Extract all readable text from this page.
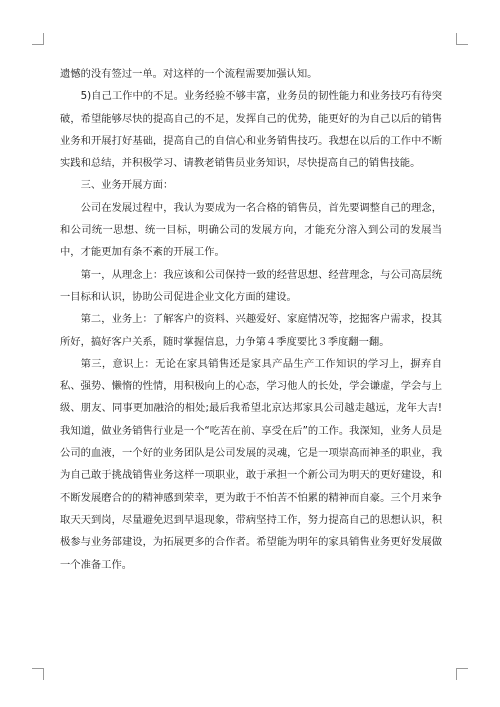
遗憾的没有签过一单。对这样的一个流程需要加强认知。

5)自己工作中的不足。业务经验不够丰富，业务员的韧性能力和业务技巧有待突破，希望能够尽快的提高自己的不足，发挥自己的优势，能更好的为自己以后的销售业务和开展打好基础，提高自己的自信心和业务销售技巧。我想在以后的工作中不断实践和总结，并积极学习、请教老销售员业务知识，尽快提高自己的销售技能。

三、业务开展方面：

公司在发展过程中，我认为要成为一名合格的销售员，首先要调整自己的理念，和公司统一思想、统一目标，明确公司的发展方向，才能充分溶入到公司的发展当中，才能更加有条不紊的开展工作。

第一，从理念上：我应该和公司保持一致的经营思想、经营理念，与公司高层统一目标和认识，协助公司促进企业文化方面的建设。

第二，业务上：了解客户的资料、兴趣爱好、家庭情况等，挖掘客户需求，投其所好，搞好客户关系，随时掌握信息，力争第４季度要比３季度翻一翻。

第三，意识上：无论在家具销售还是家具产品生产工作知识的学习上，摒弃自私、强势、懒惰的性情，用积极向上的心态，学习他人的长处，学会谦虚，学会与上级、朋友、同事更加融洽的相处;最后我希望北京达邦家具公司越走越远，龙年大吉!我知道，做业务销售行业是一个“吃苦在前、享受在后”的工作。我深知，业务人员是公司的血液，一个好的业务团队是公司发展的灵魂，它是一项崇高而神圣的职业，我为自己敢于挑战销售业务这样一项职业，敢于承担一个新公司为明天的更好建设，和不断发展磨合的的精神感到荣幸，更为敢于不怕苦不怕累的精神而自豪。三个月来争取天天到岗，尽量避免迟到早退现象，带病坚持工作，努力提高自己的思想认识，积极参与业务部建设，为拓展更多的合作者。希望能为明年的家具销售业务更好发展做一个准备工作。
